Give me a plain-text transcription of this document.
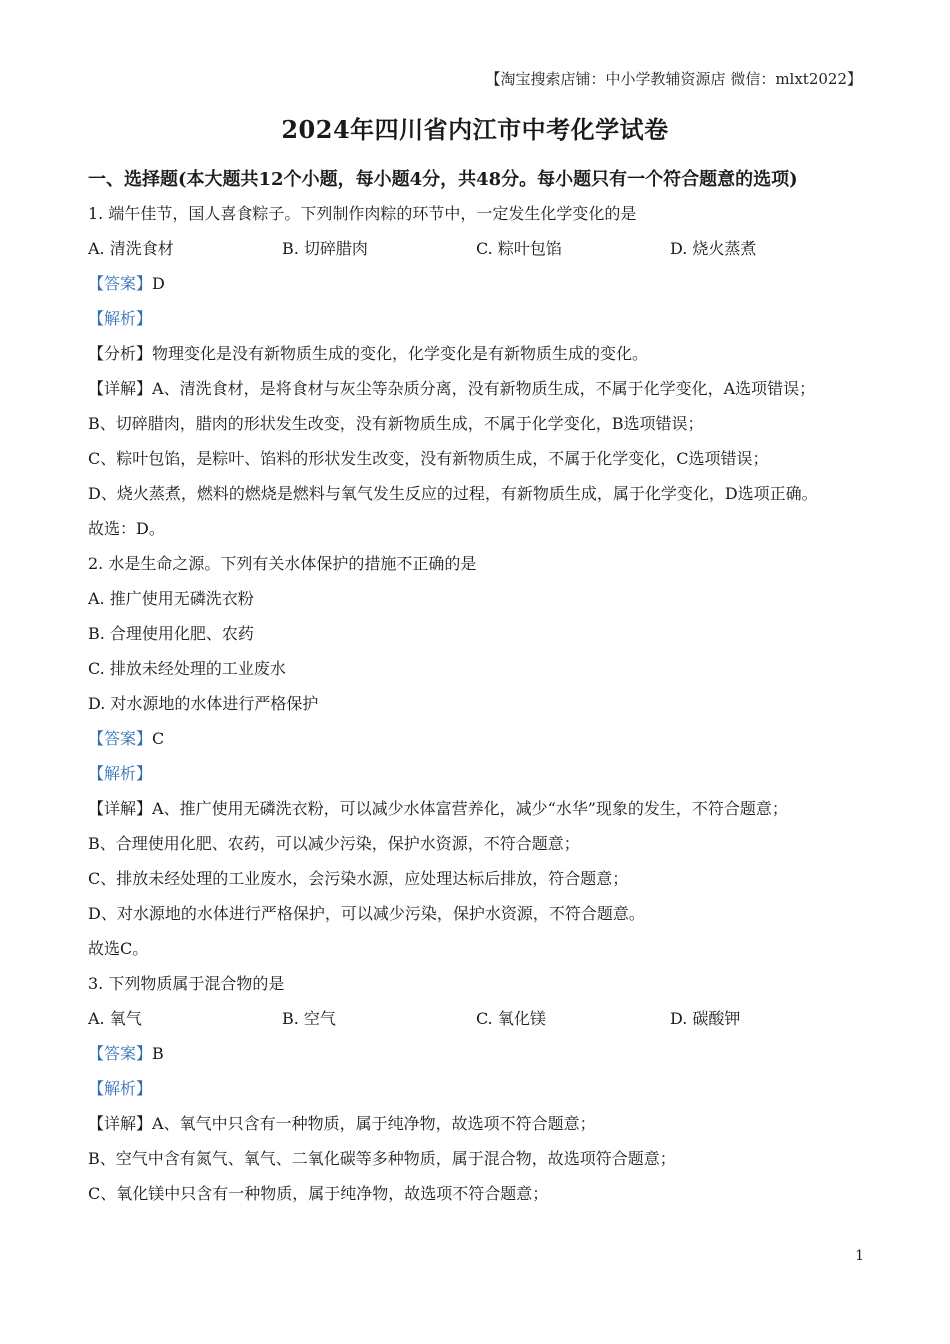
【淘宝搜索店铺：中小学教辅资源店 微信：mlxt2022】
2024年四川省内江市中考化学试卷
一、选择题(本大题共12个小题，每小题4分，共48分。每小题只有一个符合题意的选项)
1. 端午佳节，国人喜食粽子。下列制作肉粽的环节中，一定发生化学变化的是
A. 清洗食材	B. 切碎腊肉	C. 粽叶包馅	D. 烧火蒸煮
【答案】D
【解析】
【分析】物理变化是没有新物质生成的变化，化学变化是有新物质生成的变化。
【详解】A、清洗食材，是将食材与灰尘等杂质分离，没有新物质生成，不属于化学变化，A选项错误；
B、切碎腊肉，腊肉的形状发生改变，没有新物质生成，不属于化学变化，B选项错误；
C、粽叶包馅，是粽叶、馅料的形状发生改变，没有新物质生成，不属于化学变化，C选项错误；
D、烧火蒸煮，燃料的燃烧是燃料与氧气发生反应的过程，有新物质生成，属于化学变化，D选项正确。
故选：D。
2. 水是生命之源。下列有关水体保护的措施不正确的是
A. 推广使用无磷洗衣粉
B. 合理使用化肥、农药
C. 排放未经处理的工业废水
D. 对水源地的水体进行严格保护
【答案】C
【解析】
【详解】A、推广使用无磷洗衣粉，可以减少水体富营养化，减少“水华”现象的发生，不符合题意；
B、合理使用化肥、农药，可以减少污染，保护水资源，不符合题意；
C、排放未经处理的工业废水，会污染水源，应处理达标后排放，符合题意；
D、对水源地的水体进行严格保护，可以减少污染，保护水资源，不符合题意。
故选C。
3. 下列物质属于混合物的是
A. 氧气	B. 空气	C. 氧化镁	D. 碳酸钾
【答案】B
【解析】
【详解】A、氧气中只含有一种物质，属于纯净物，故选项不符合题意；
B、空气中含有氮气、氧气、二氧化碳等多种物质，属于混合物，故选项符合题意；
C、氧化镁中只含有一种物质，属于纯净物，故选项不符合题意；
1
